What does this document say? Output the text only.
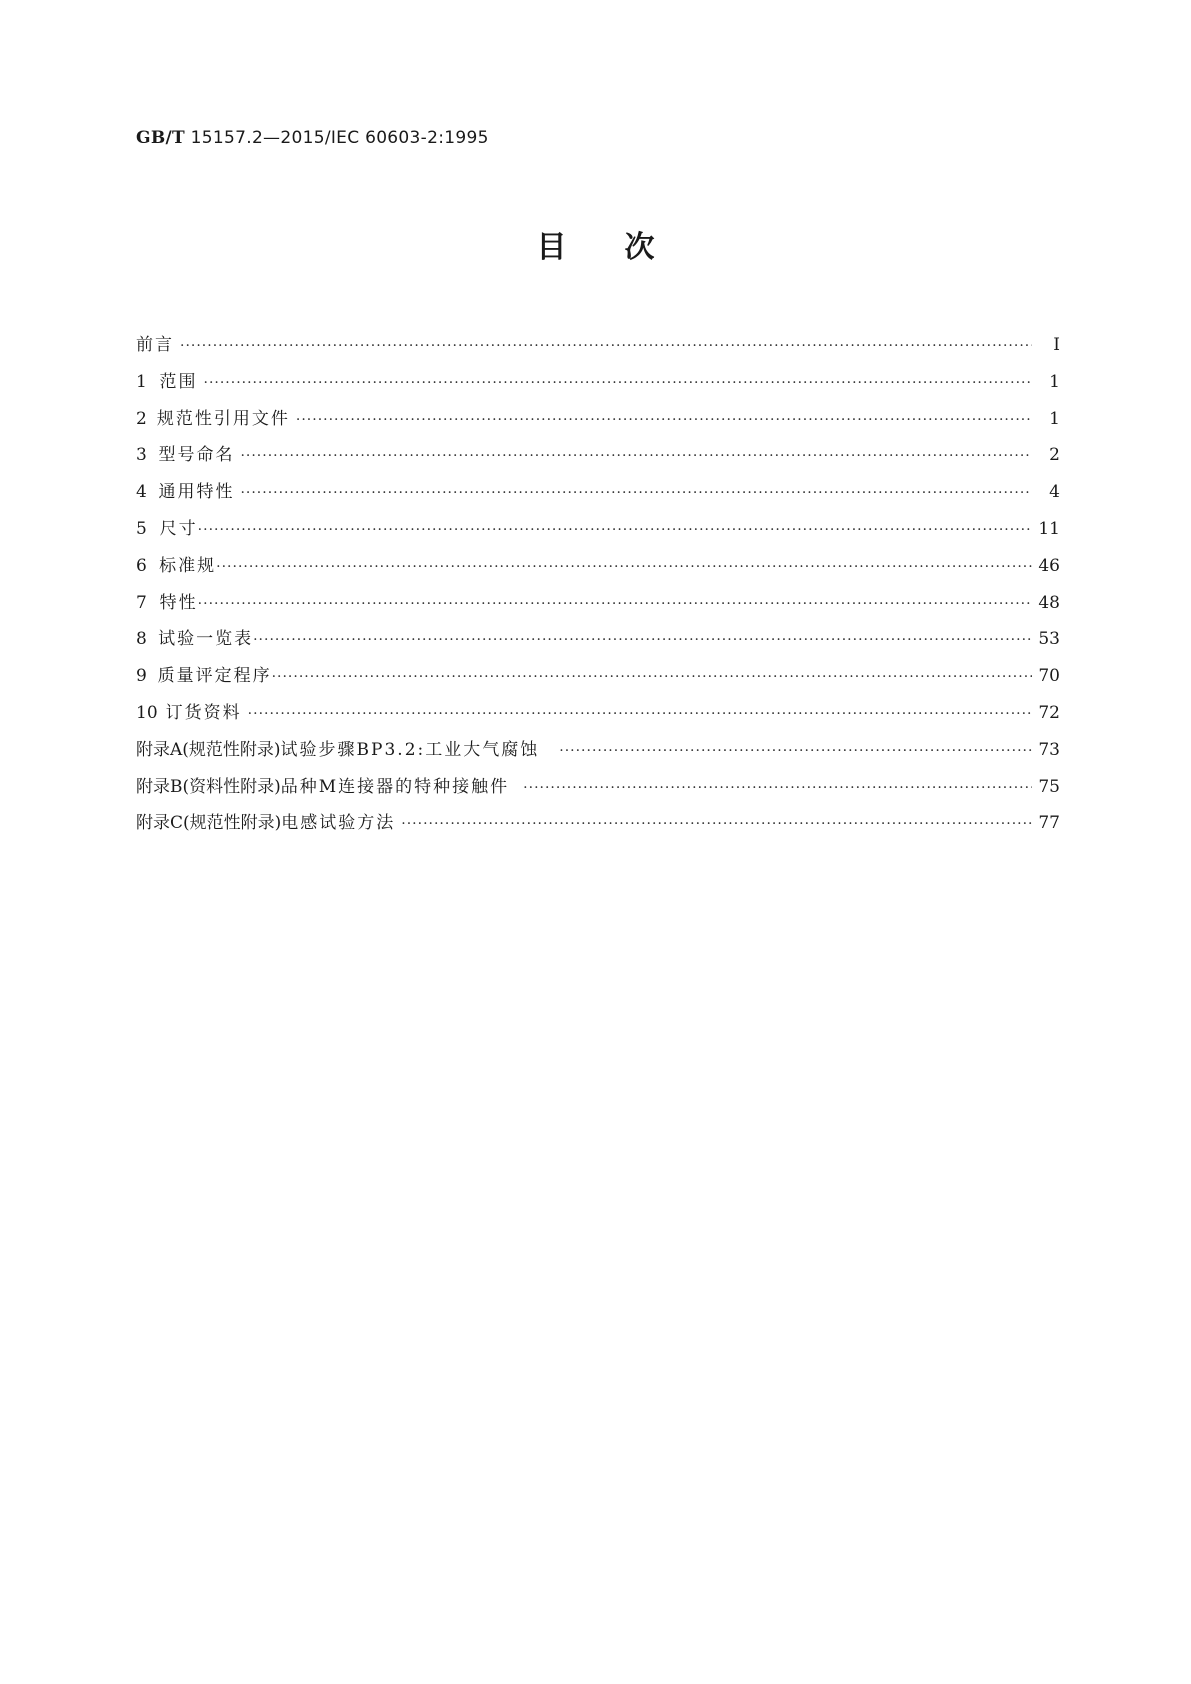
GB/T 15157.2—2015/IEC 60603-2:1995

目次
前言 ·····	Ⅰ
1 范围 ·····	1
2 规范性引用文件 ·····	1
3 型号命名 ·····	2
4 通用特性 ·····	4
5 尺寸 ·····	11
6 标准规 ·····	46
7 特性 ·····	48
8 试验一览表 ·····	53
9 质量评定程序 ·····	70
10 订货资料 ·····	72
附录A(规范性附录) 试验步骤BP3.2:工业大气腐蚀 ·····	73
附录B(资料性附录) 品种M连接器的特种接触件 ·····	75
附录C(规范性附录) 电感试验方法 ·····	77
